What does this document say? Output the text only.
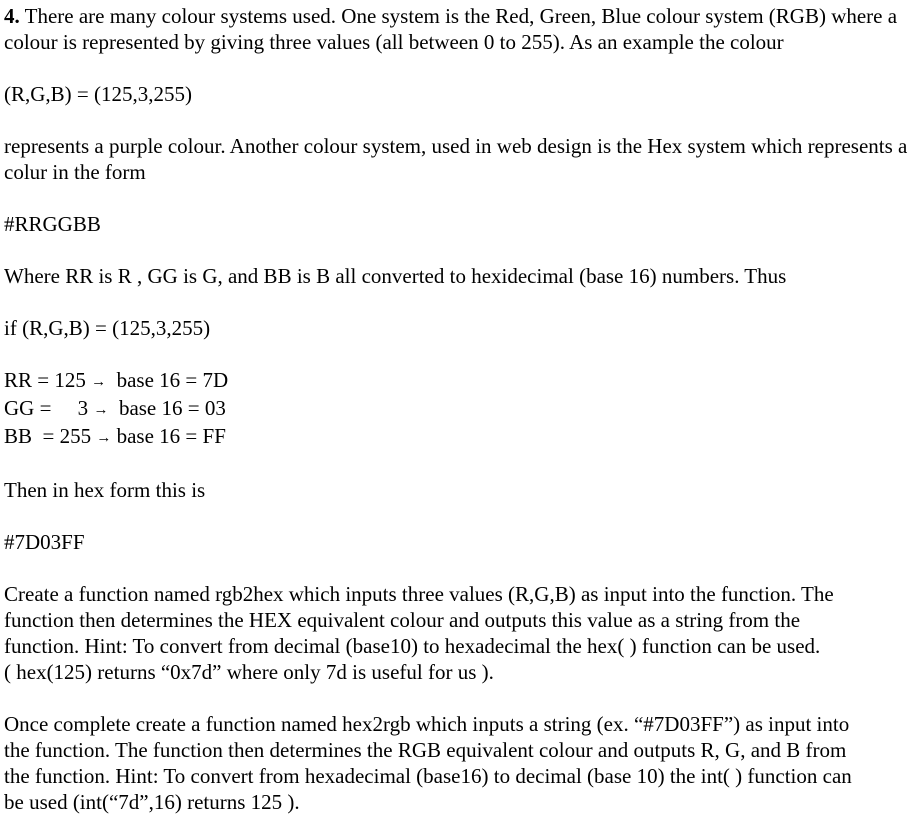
4. There are many colour systems used. One system is the Red, Green, Blue colour system (RGB) where a colour is represented by giving three values (all between 0 to 255). As an example the colour

(R,G,B) = (125,3,255)

represents a purple colour. Another colour system, used in web design is the Hex system which represents a colur in the form

#RRGGBB

Where RR is R , GG is G, and BB is B all converted to hexidecimal (base 16) numbers. Thus

if (R,G,B) = (125,3,255)

RR = 125 →  base 16 = 7D
GG =     3 →  base 16 = 03
BB  = 255 → base 16 = FF

Then in hex form this is

#7D03FF

Create a function named rgb2hex which inputs three values (R,G,B) as input into the function. The
function then determines the HEX equivalent colour and outputs this value as a string from the
function. Hint: To convert from decimal (base10) to hexadecimal the hex( ) function can be used.
( hex(125) returns “0x7d” where only 7d is useful for us ).
Once complete create a function named hex2rgb which inputs a string (ex. “#7D03FF”) as input into
the function. The function then determines the RGB equivalent colour and outputs R, G, and B from
the function. Hint: To convert from hexadecimal (base16) to decimal (base 10) the int( ) function can
be used (int(“7d”,16) returns 125 ).
